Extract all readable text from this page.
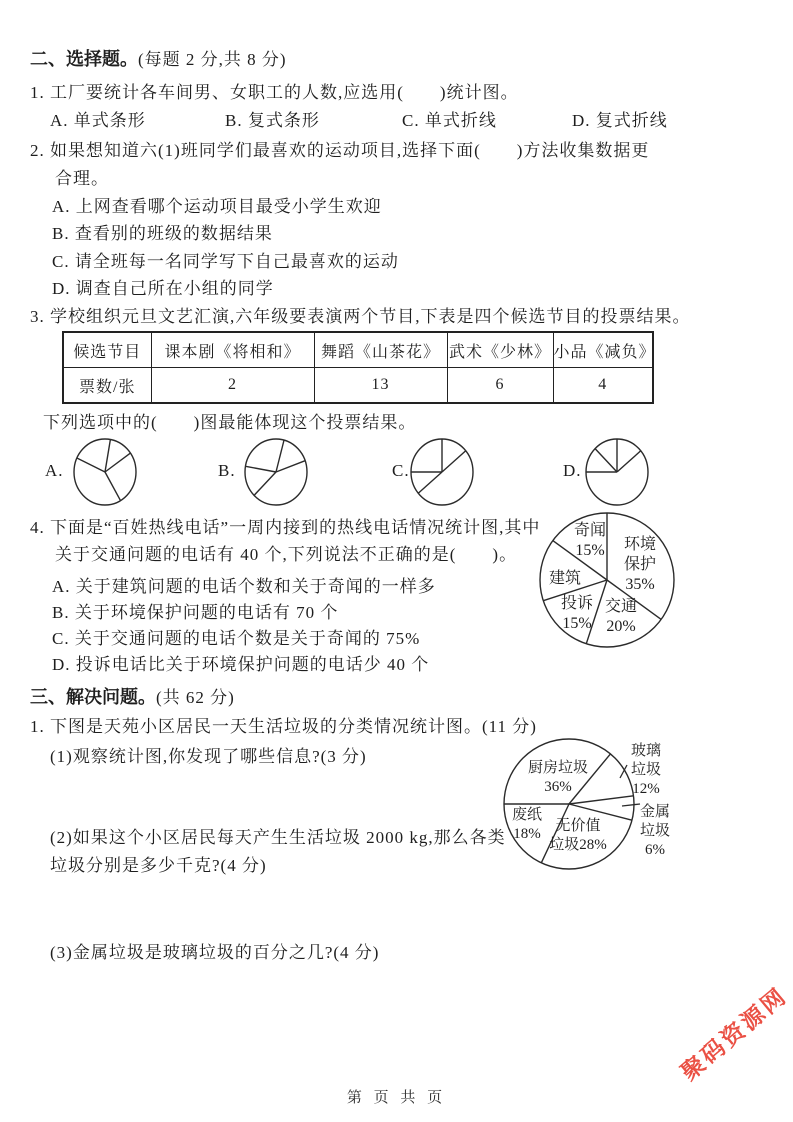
二、选择题。(每题 2 分,共 8 分)
1. 工厂要统计各车间男、女职工的人数,应选用(　　)统计图。
A. 单式条形	B. 复式条形	C. 单式折线	D. 复式折线
2. 如果想知道六(1)班同学们最喜欢的运动项目,选择下面(　　)方法收集数据更
合理。
A. 上网查看哪个运动项目最受小学生欢迎
B. 查看别的班级的数据结果
C. 请全班每一名同学写下自己最喜欢的运动
D. 调查自己所在小组的同学
3. 学校组织元旦文艺汇演,六年级要表演两个节目,下表是四个候选节目的投票结果。
候选节目	课本剧《将相和》	舞蹈《山茶花》	武术《少林》	小品《减负》
票数/张	2	13	6	4
下列选项中的(　　)图最能体现这个投票结果。
A.	B.	C.	D.
4. 下面是“百姓热线电话”一周内接到的热线电话情况统计图,其中
关于交通问题的电话有 40 个,下列说法不正确的是(　　)。
A. 关于建筑问题的电话个数和关于奇闻的一样多
B. 关于环境保护问题的电话有 70 个
C. 关于交通问题的电话个数是关于奇闻的 75%
D. 投诉电话比关于环境保护问题的电话少 40 个
环境
保护
35%
交通
20%
投诉
15%
建筑
奇闻
15%
三、解决问题。(共 62 分)
1. 下图是天苑小区居民一天生活垃圾的分类情况统计图。(11 分)
(1)观察统计图,你发现了哪些信息?(3 分)
(2)如果这个小区居民每天产生生活垃圾 2000 kg,那么各类
垃圾分别是多少千克?(4 分)
(3)金属垃圾是玻璃垃圾的百分之几?(4 分)
厨房垃圾
36%
玻璃
垃圾
12%
金属
垃圾
6%
无价值
垃圾28%
废纸
18%
聚码资源网
第 页 共 页
